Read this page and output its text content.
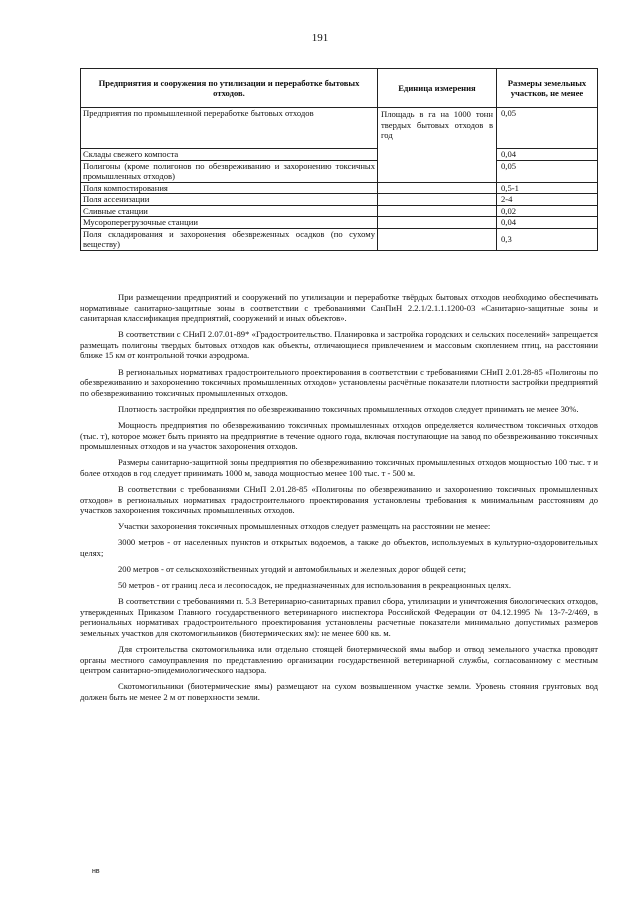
191
Предприятия и сооружения по утилизации и переработке бытовых отходов.	Единица измерения	Размеры земельных участков, не менее
Предприятия по промышленной переработке бытовых отходов	Площадь в га на 1000 тонн твердых бытовых отходов в год	0,05
Склады свежего компоста		0,04
Полигоны (кроме полигонов по обезвреживанию и захоронению токсичных промышленных отходов)		0,05
Поля компостирования		0,5-1
Поля ассенизации		2-4
Сливные станции		0,02
Мусороперегрузочные станции		0,04
Поля складирования и захоронения обезвреженных осадков (по сухому веществу)		0,3

При размещении предприятий и сооружений по утилизации и переработке твёрдых бытовых отходов необходимо обеспечивать нормативные санитарно-защитные зоны в соответствии с требованиями СанПиН 2.2.1/2.1.1.1200-03 «Санитарно-защитные зоны и санитарная классификация предприятий, сооружений и иных объектов».

В соответствии с СНиП 2.07.01-89* «Градостроительство. Планировка и застройка городских и сельских поселений» запрещается размещать полигоны твердых бытовых отходов как объекты, отличающиеся привлечением и массовым скоплением птиц, на расстоянии ближе 15 км от контрольной точки аэродрома.

В региональных нормативах градостроительного проектирования в соответствии с требованиями СНиП 2.01.28-85 «Полигоны по обезвреживанию и захоронению токсичных промышленных отходов» установлены расчётные показатели плотности застройки предприятий по обезвреживанию токсичных промышленных отходов.

Плотность застройки предприятия по обезвреживанию токсичных промышленных отходов следует принимать не менее 30%.

Мощность предприятия по обезвреживанию токсичных промышленных отходов определяется количеством токсичных отходов (тыс. т), которое может быть принято на предприятие в течение одного года, включая поступающие на завод по обезвреживанию токсичных промышленных отходов и на участок захоронения отходов.

Размеры санитарно-защитной зоны предприятия по обезвреживанию токсичных промышленных отходов мощностью 100 тыс. т и более отходов в год следует принимать 1000 м, завода мощностью менее 100 тыс. т - 500 м.

В соответствии с требованиями СНиП 2.01.28-85 «Полигоны по обезвреживанию и захоронению токсичных промышленных отходов» в региональных нормативах градостроительного проектирования установлены требования к минимальным расстояниям до участков захоронения токсичных промышленных отходов.

Участки захоронения токсичных промышленных отходов следует размещать на расстоянии не менее:

3000 метров - от населенных пунктов и открытых водоемов, а также до объектов, используемых в культурно-оздоровительных целях;

200 метров - от сельскохозяйственных угодий и автомобильных и железных дорог общей сети;

50 метров - от границ леса и лесопосадок, не предназначенных для использования в рекреационных целях.

В соответствии с требованиями п. 5.3 Ветеринарно-санитарных правил сбора, утилизации и уничтожения биологических отходов, утвержденных Приказом Главного государственного ветеринарного инспектора Российской Федерации от 04.12.1995 № 13-7-2/469, в региональных нормативах градостроительного проектирования установлены расчетные показатели минимально допустимых размеров земельных участков для скотомогильников (биотермических ям): не менее 600 кв. м.

Для строительства скотомогильника или отдельно стоящей биотермической ямы выбор и отвод земельного участка проводят органы местного самоуправления по представлению организации государственной ветеринарной службы, согласованному с местным центром санитарно-эпидемиологического надзора.

Скотомогильники (биотермические ямы) размещают на сухом возвышенном участке земли. Уровень стояния грунтовых вод должен быть не менее 2 м от поверхности земли.

нв
